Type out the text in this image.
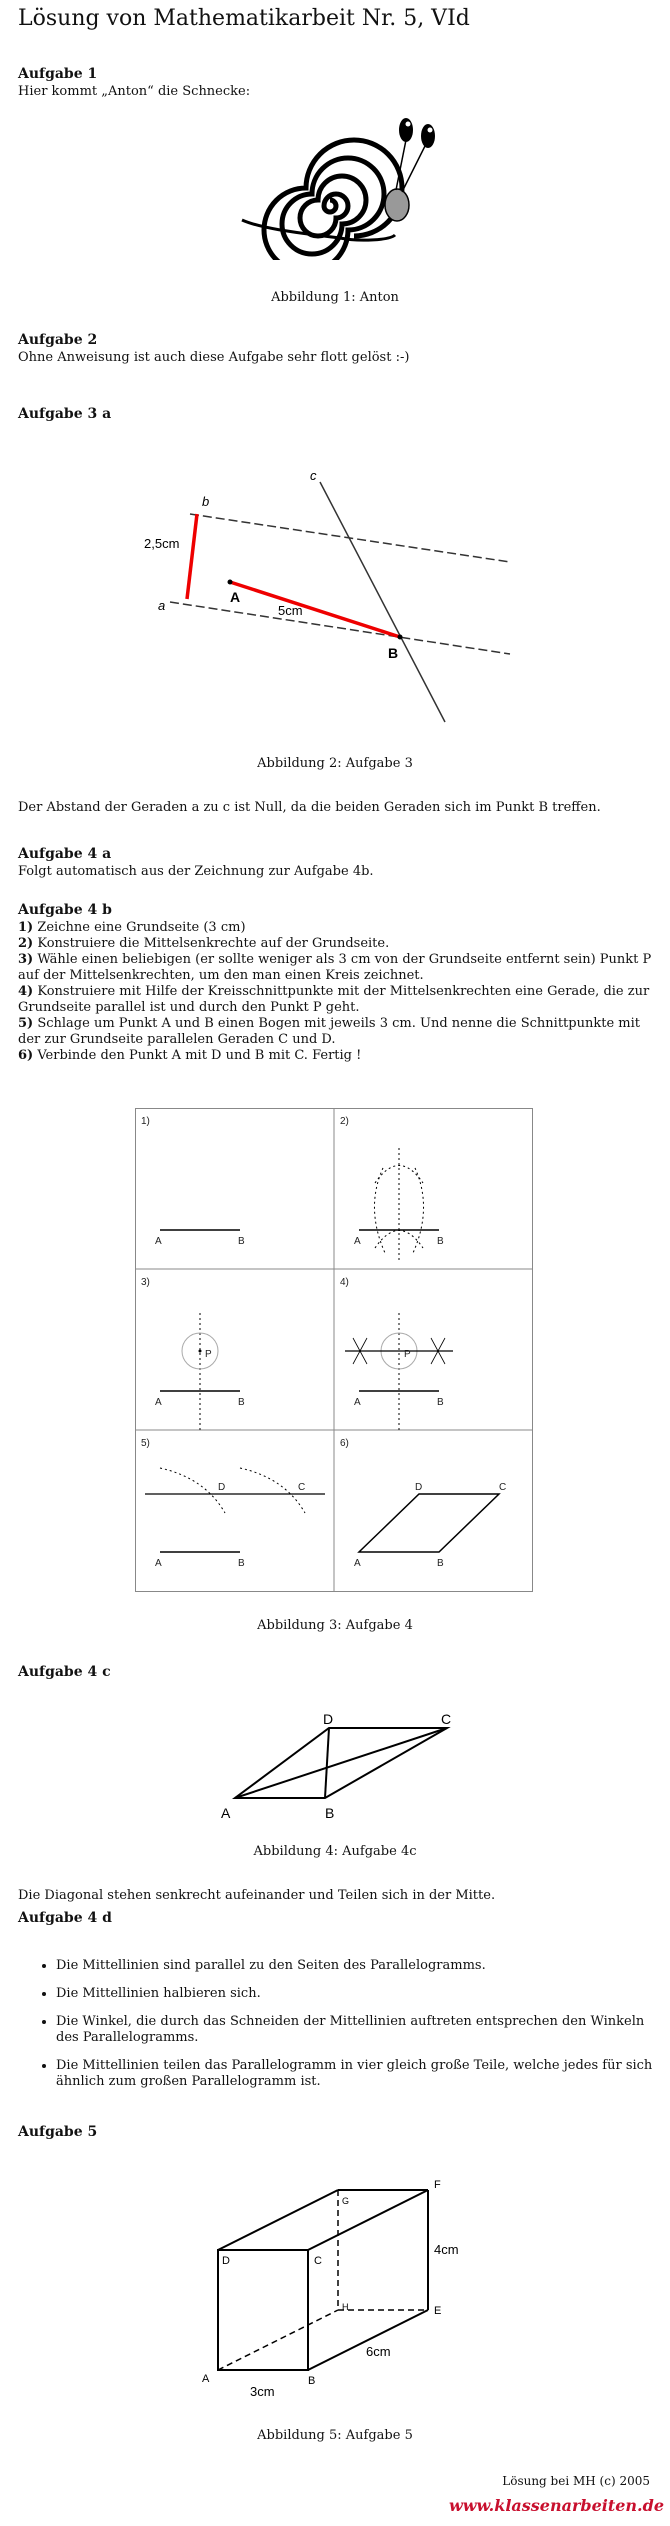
Lösung von Mathematikarbeit Nr. 5, VId
Aufgabe 1
Hier kommt „Anton“ die Schnecke:
Abbildung 1: Anton
Aufgabe 2
Ohne Anweisung ist auch diese Aufgabe sehr flott gelöst :-)
Aufgabe 3 a
b
c
a
A
B
2,5cm
5cm
Abbildung 2: Aufgabe 3
Der Abstand der Geraden a zu c ist Null, da die beiden Geraden sich im Punkt B treffen.
Aufgabe 4 a
Folgt automatisch aus der Zeichnung zur Aufgabe 4b.
Aufgabe 4 b
1) Zeichne eine Grundseite (3 cm)
2) Konstruiere die Mittelsenkrechte auf der Grundseite.
3) Wähle einen beliebigen (er sollte weniger als 3 cm von der Grundseite entfernt sein) Punkt P auf der Mittelsenkrechten, um den man einen Kreis zeichnet.
4) Konstruiere mit Hilfe der Kreisschnittpunkte mit der Mittelsenkrechten eine Gerade, die zur Grundseite parallel ist und durch den Punkt P geht.
5) Schlage um Punkt A und B einen Bogen mit jeweils 3 cm. Und nenne die Schnittpunkte mit der zur Grundseite parallelen Geraden C und D.
6) Verbinde den Punkt A mit D und B mit C. Fertig !
1)
A	B
2)
A	B
3)
P
A	B
4)
P
A	B
5)
D	C
A	B
6)
D	C
A	B
Abbildung 3: Aufgabe 4
Aufgabe 4 c
A	B
C
D
Abbildung 4: Aufgabe 4c
Die Diagonal stehen senkrecht aufeinander und Teilen sich in der Mitte.
Aufgabe 4 d
• Die Mittellinien sind parallel zu den Seiten des Parallelogramms.
• Die Mittellinien halbieren sich.
• Die Winkel, die durch das Schneiden der Mittellinien auftreten entsprechen den Winkeln des Parallelogramms.
• Die Mittellinien teilen das Parallelogramm in vier gleich große Teile, welche jedes für sich ähnlich zum großen Parallelogramm ist.
Aufgabe 5
A	B
C
D
E
F
G
H
3cm
6cm
4cm
Abbildung 5: Aufgabe 5
Lösung bei MH (c) 2005
www.klassenarbeiten.de
